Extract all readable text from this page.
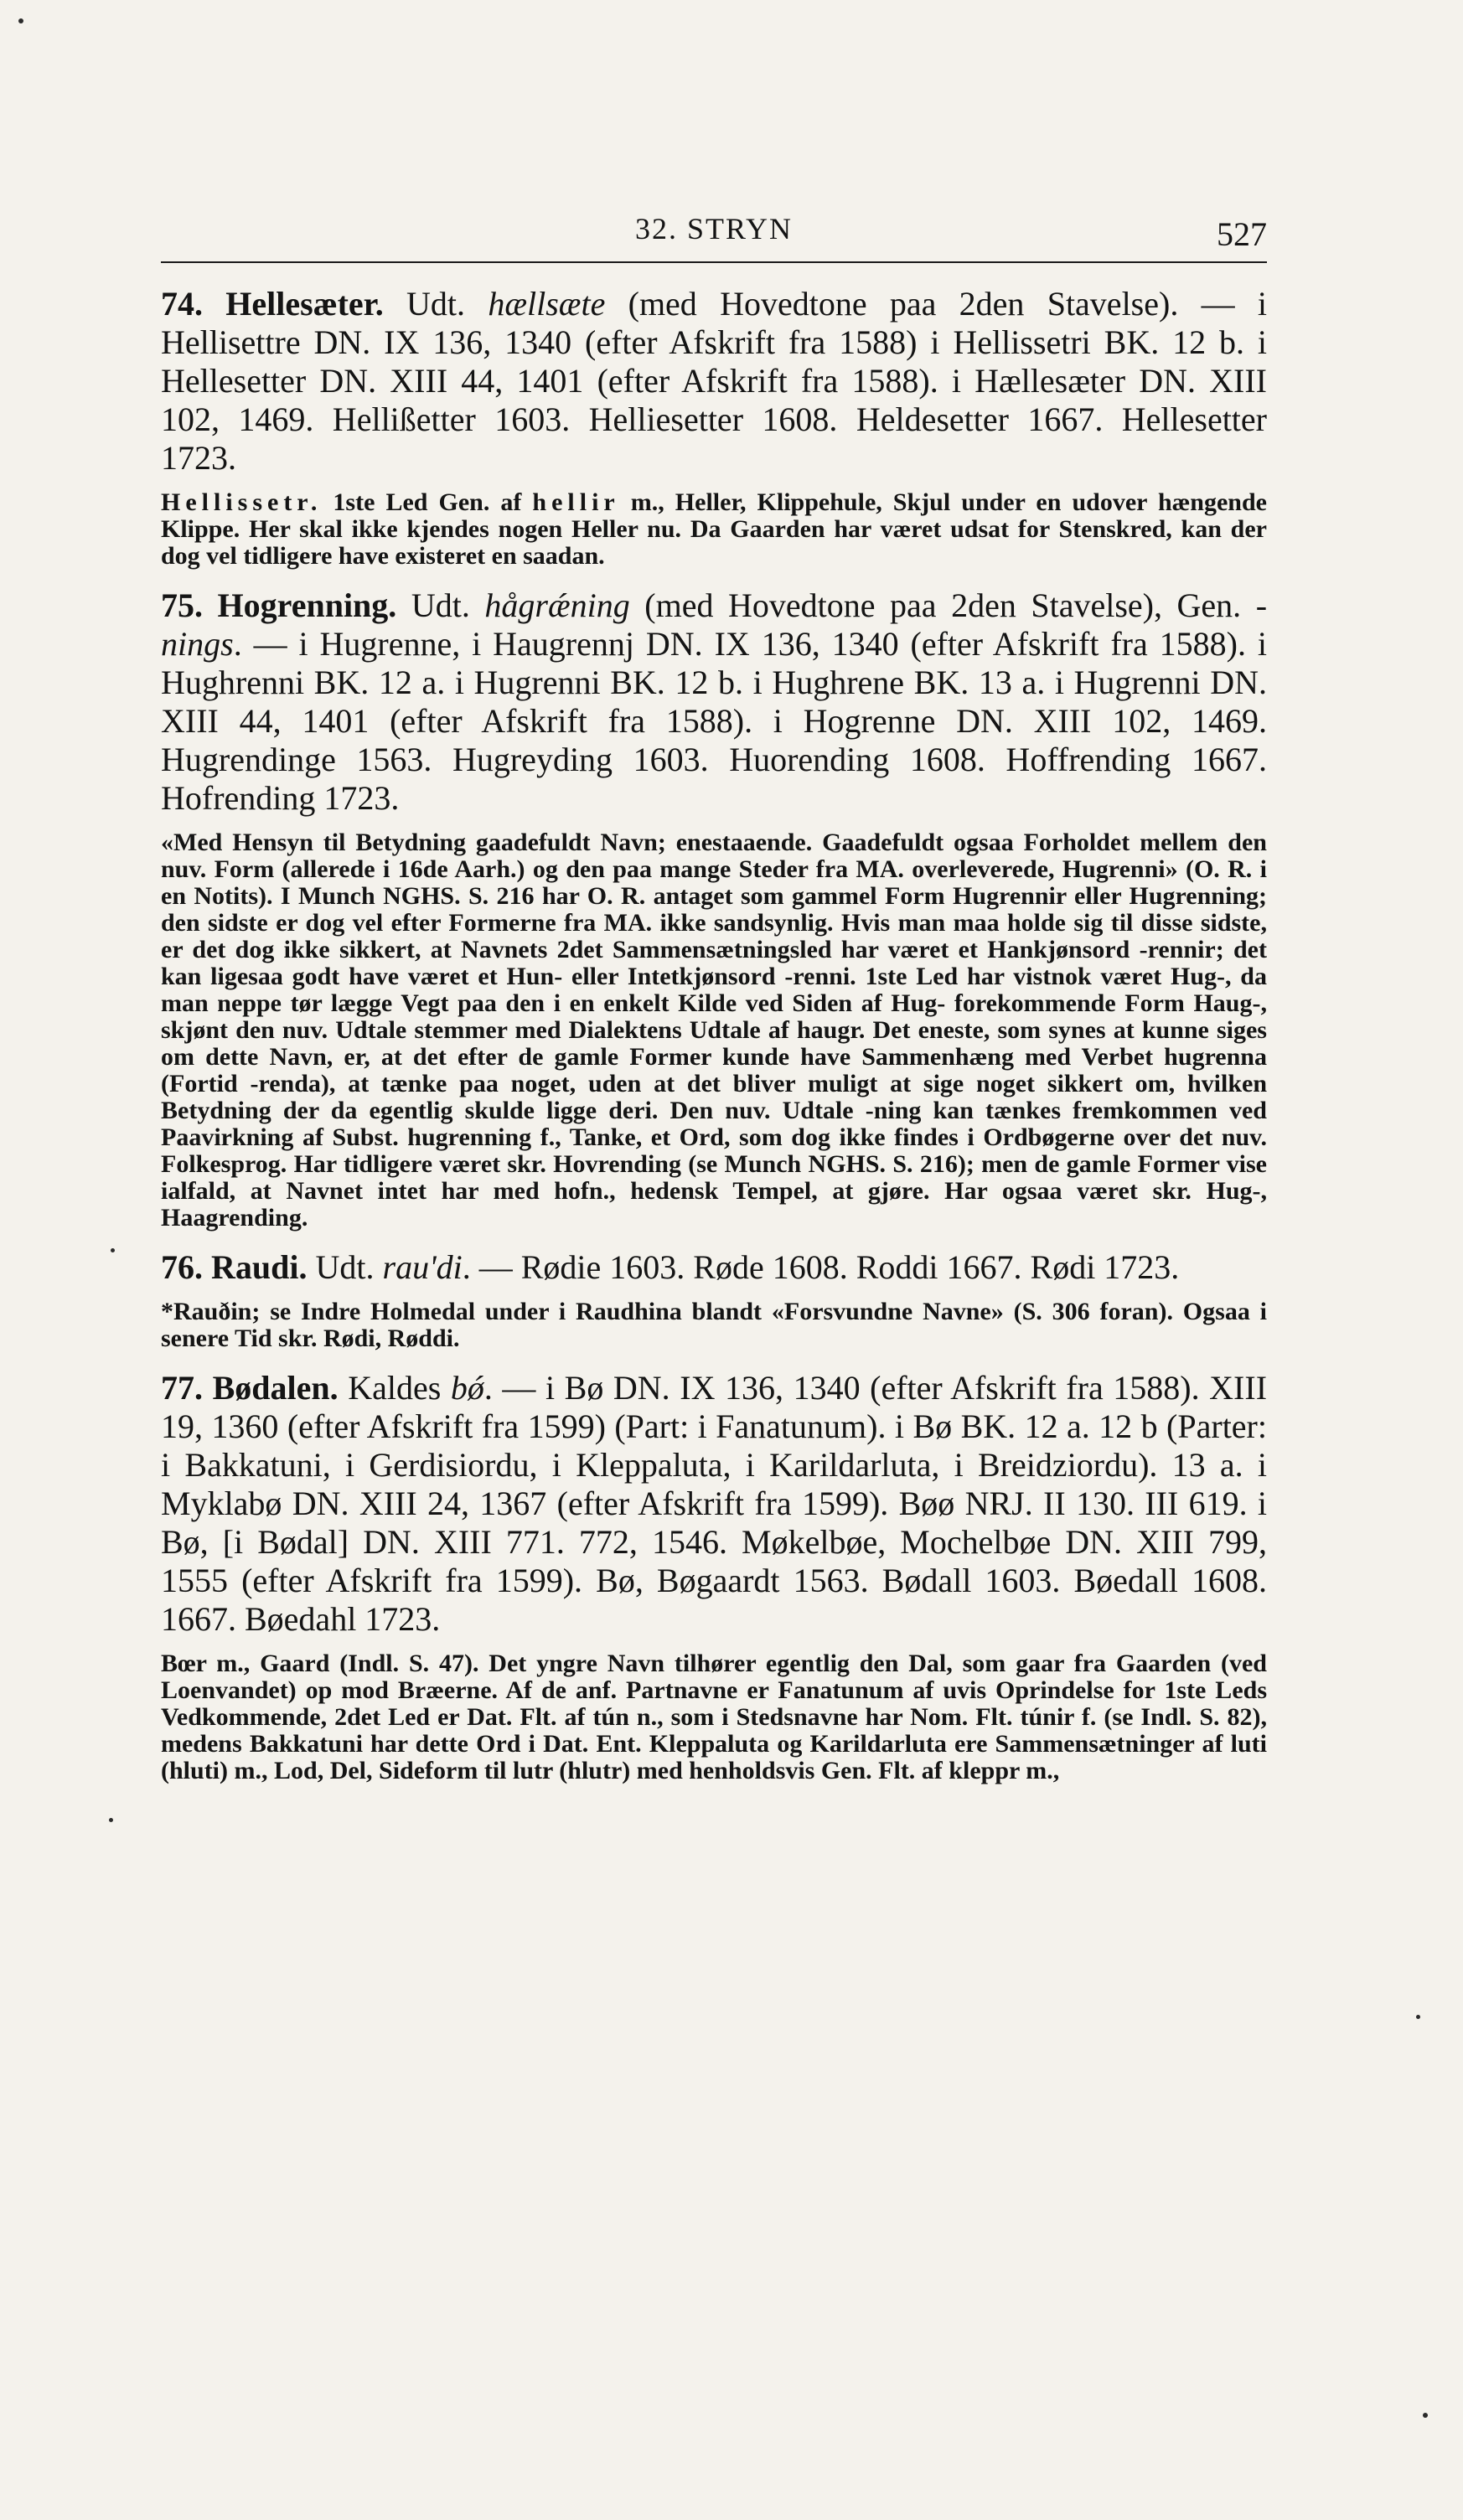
32. STRYN	527

74. Hellesæter. Udt. hællsæte (med Hovedtone paa 2den Stavelse). — i Hellisettre DN. IX 136, 1340 (efter Afskrift fra 1588) i Hellissetri BK. 12 b. i Hellesetter DN. XIII 44, 1401 (efter Afskrift fra 1588). i Hællesæter DN. XIII 102, 1469. Hellißetter 1603. Helliesetter 1608. Heldesetter 1667. Hellesetter 1723.

Hellissetr. 1ste Led Gen. af hellir m., Heller, Klippehule, Skjul under en udover hængende Klippe. Her skal ikke kjendes nogen Heller nu. Da Gaarden har været udsat for Stenskred, kan der dog vel tidligere have existeret en saadan.

75. Hogrenning. Udt. hågrǽning (med Hovedtone paa 2den Stavelse), Gen. -nings. — i Hugrenne, i Haugrennj DN. IX 136, 1340 (efter Afskrift fra 1588). i Hughrenni BK. 12 a. i Hugrenni BK. 12 b. i Hughrene BK. 13 a. i Hugrenni DN. XIII 44, 1401 (efter Afskrift fra 1588). i Hogrenne DN. XIII 102, 1469. Hugrendinge 1563. Hugreyding 1603. Huorending 1608. Hoffrending 1667. Hofrending 1723.

«Med Hensyn til Betydning gaadefuldt Navn; enestaaende. Gaadefuldt ogsaa Forholdet mellem den nuv. Form (allerede i 16de Aarh.) og den paa mange Steder fra MA. overleverede, Hugrenni» (O. R. i en Notits). I Munch NGHS. S. 216 har O. R. antaget som gammel Form Hugrennir eller Hugrenning; den sidste er dog vel efter Formerne fra MA. ikke sandsynlig. Hvis man maa holde sig til disse sidste, er det dog ikke sikkert, at Navnets 2det Sammensætningsled har været et Hankjønsord -rennir; det kan ligesaa godt have været et Hun- eller Intetkjønsord -renni. 1ste Led har vistnok været Hug-, da man neppe tør lægge Vegt paa den i en enkelt Kilde ved Siden af Hug- forekommende Form Haug-, skjønt den nuv. Udtale stemmer med Dialektens Udtale af haugr. Det eneste, som synes at kunne siges om dette Navn, er, at det efter de gamle Former kunde have Sammenhæng med Verbet hugrenna (Fortid -renda), at tænke paa noget, uden at det bliver muligt at sige noget sikkert om, hvilken Betydning der da egentlig skulde ligge deri. Den nuv. Udtale -ning kan tænkes fremkommen ved Paavirkning af Subst. hugrenning f., Tanke, et Ord, som dog ikke findes i Ordbøgerne over det nuv. Folkesprog. Har tidligere været skr. Hovrending (se Munch NGHS. S. 216); men de gamle Former vise ialfald, at Navnet intet har med hofn., hedensk Tempel, at gjøre. Har ogsaa været skr. Hug-, Haagrending.

76. Raudi. Udt. rau'di. — Rødie 1603. Røde 1608. Roddi 1667. Rødi 1723.

*Rauðin; se Indre Holmedal under i Raudhina blandt «Forsvundne Navne» (S. 306 foran). Ogsaa i senere Tid skr. Rødi, Røddi.

77. Bødalen. Kaldes bǿ. — i Bø DN. IX 136, 1340 (efter Afskrift fra 1588). XIII 19, 1360 (efter Afskrift fra 1599) (Part: i Fanatunum). i Bø BK. 12 a. 12 b (Parter: i Bakkatuni, i Gerdisiordu, i Kleppaluta, i Karildarluta, i Breidziordu). 13 a. i Myklabø DN. XIII 24, 1367 (efter Afskrift fra 1599). Bøø NRJ. II 130. III 619. i Bø, [i Bødal] DN. XIII 771. 772, 1546. Møkelbøe, Mochelbøe DN. XIII 799, 1555 (efter Afskrift fra 1599). Bø, Bøgaardt 1563. Bødall 1603. Bøedall 1608. 1667. Bøedahl 1723.

Bœr m., Gaard (Indl. S. 47). Det yngre Navn tilhører egentlig den Dal, som gaar fra Gaarden (ved Loenvandet) op mod Bræerne. Af de anf. Partnavne er Fanatunum af uvis Oprindelse for 1ste Leds Vedkommende, 2det Led er Dat. Flt. af tún n., som i Stedsnavne har Nom. Flt. túnir f. (se Indl. S. 82), medens Bakkatuni har dette Ord i Dat. Ent. Kleppaluta og Karildarluta ere Sammensætninger af luti (hluti) m., Lod, Del, Sideform til lutr (hlutr) med henholdsvis Gen. Flt. af kleppr m.,
